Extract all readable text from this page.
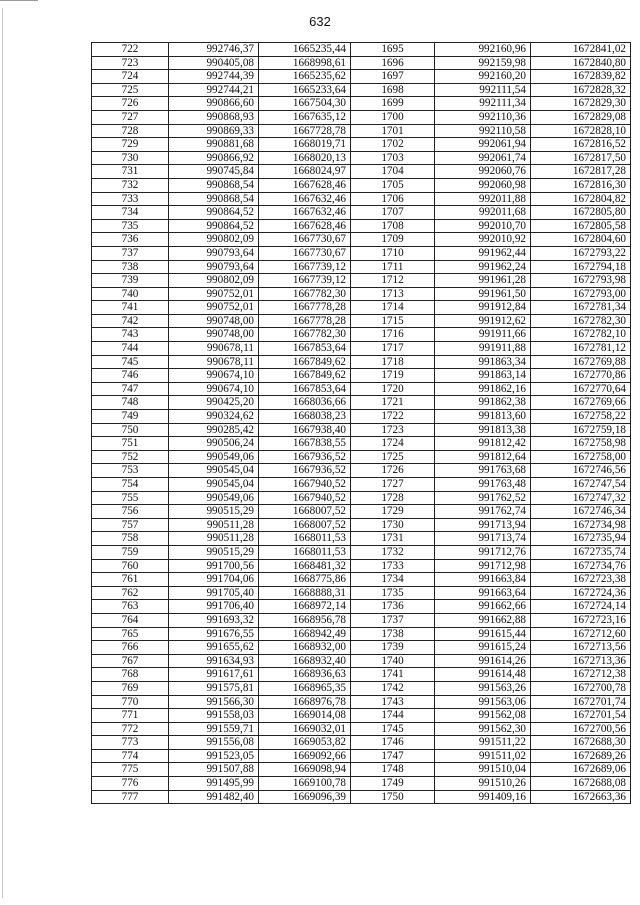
632
722	992746,37	1665235,44	1695	992160,96	1672841,02
723	990405,08	1668998,61	1696	992159,98	1672840,80
724	992744,39	1665235,62	1697	992160,20	1672839,82
725	992744,21	1665233,64	1698	992111,54	1672828,32
726	990866,60	1667504,30	1699	992111,34	1672829,30
727	990868,93	1667635,12	1700	992110,36	1672829,08
728	990869,33	1667728,78	1701	992110,58	1672828,10
729	990881,68	1668019,71	1702	992061,94	1672816,52
730	990866,92	1668020,13	1703	992061,74	1672817,50
731	990745,84	1668024,97	1704	992060,76	1672817,28
732	990868,54	1667628,46	1705	992060,98	1672816,30
733	990868,54	1667632,46	1706	992011,88	1672804,82
734	990864,52	1667632,46	1707	992011,68	1672805,80
735	990864,52	1667628,46	1708	992010,70	1672805,58
736	990802,09	1667730,67	1709	992010,92	1672804,60
737	990793,64	1667730,67	1710	991962,44	1672793,22
738	990793,64	1667739,12	1711	991962,24	1672794,18
739	990802,09	1667739,12	1712	991961,28	1672793,98
740	990752,01	1667782,30	1713	991961,50	1672793,00
741	990752,01	1667778,28	1714	991912,84	1672781,34
742	990748,00	1667778,28	1715	991912,62	1672782,30
743	990748,00	1667782,30	1716	991911,66	1672782,10
744	990678,11	1667853,64	1717	991911,88	1672781,12
745	990678,11	1667849,62	1718	991863,34	1672769,88
746	990674,10	1667849,62	1719	991863,14	1672770,86
747	990674,10	1667853,64	1720	991862,16	1672770,64
748	990425,20	1668036,66	1721	991862,38	1672769,66
749	990324,62	1668038,23	1722	991813,60	1672758,22
750	990285,42	1667938,40	1723	991813,38	1672759,18
751	990506,24	1667838,55	1724	991812,42	1672758,98
752	990549,06	1667936,52	1725	991812,64	1672758,00
753	990545,04	1667936,52	1726	991763,68	1672746,56
754	990545,04	1667940,52	1727	991763,48	1672747,54
755	990549,06	1667940,52	1728	991762,52	1672747,32
756	990515,29	1668007,52	1729	991762,74	1672746,34
757	990511,28	1668007,52	1730	991713,94	1672734,98
758	990511,28	1668011,53	1731	991713,74	1672735,94
759	990515,29	1668011,53	1732	991712,76	1672735,74
760	991700,56	1668481,32	1733	991712,98	1672734,76
761	991704,06	1668775,86	1734	991663,84	1672723,38
762	991705,40	1668888,31	1735	991663,64	1672724,36
763	991706,40	1668972,14	1736	991662,66	1672724,14
764	991693,32	1668956,78	1737	991662,88	1672723,16
765	991676,55	1668942,49	1738	991615,44	1672712,60
766	991655,62	1668932,00	1739	991615,24	1672713,56
767	991634,93	1668932,40	1740	991614,26	1672713,36
768	991617,61	1668936,63	1741	991614,48	1672712,38
769	991575,81	1668965,35	1742	991563,26	1672700,78
770	991566,30	1668976,78	1743	991563,06	1672701,74
771	991558,03	1669014,08	1744	991562,08	1672701,54
772	991559,71	1669032,01	1745	991562,30	1672700,56
773	991556,08	1669053,82	1746	991511,22	1672688,30
774	991523,05	1669092,66	1747	991511,02	1672689,26
775	991507,88	1669098,94	1748	991510,04	1672689,06
776	991495,99	1669100,78	1749	991510,26	1672688,08
777	991482,40	1669096,39	1750	991409,16	1672663,36
